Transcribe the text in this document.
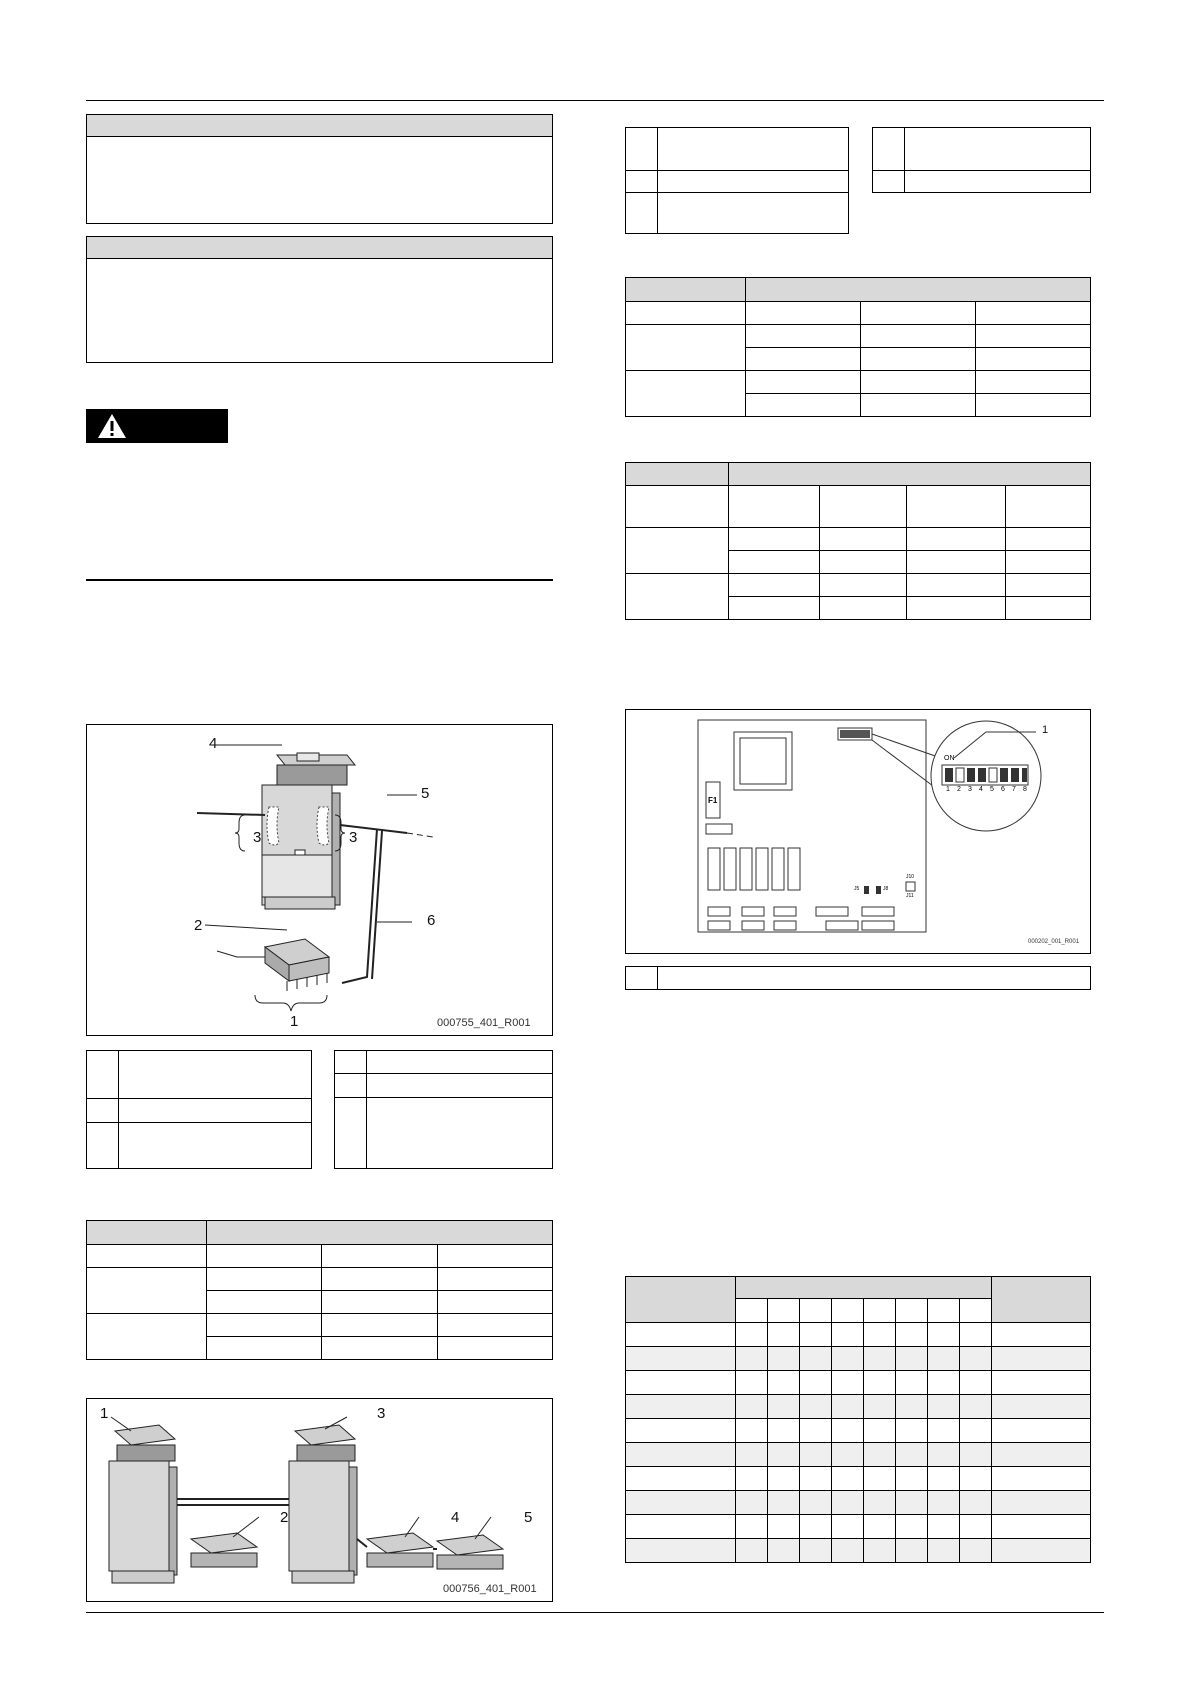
4
5
3	3
2	6
1	000755_401_R001

1	3
2	4	5
000756_401_R001

1
F1
ON
1 2 3 4 5 6 7 8
J5	J8
J10
J11
000202_001_R001
